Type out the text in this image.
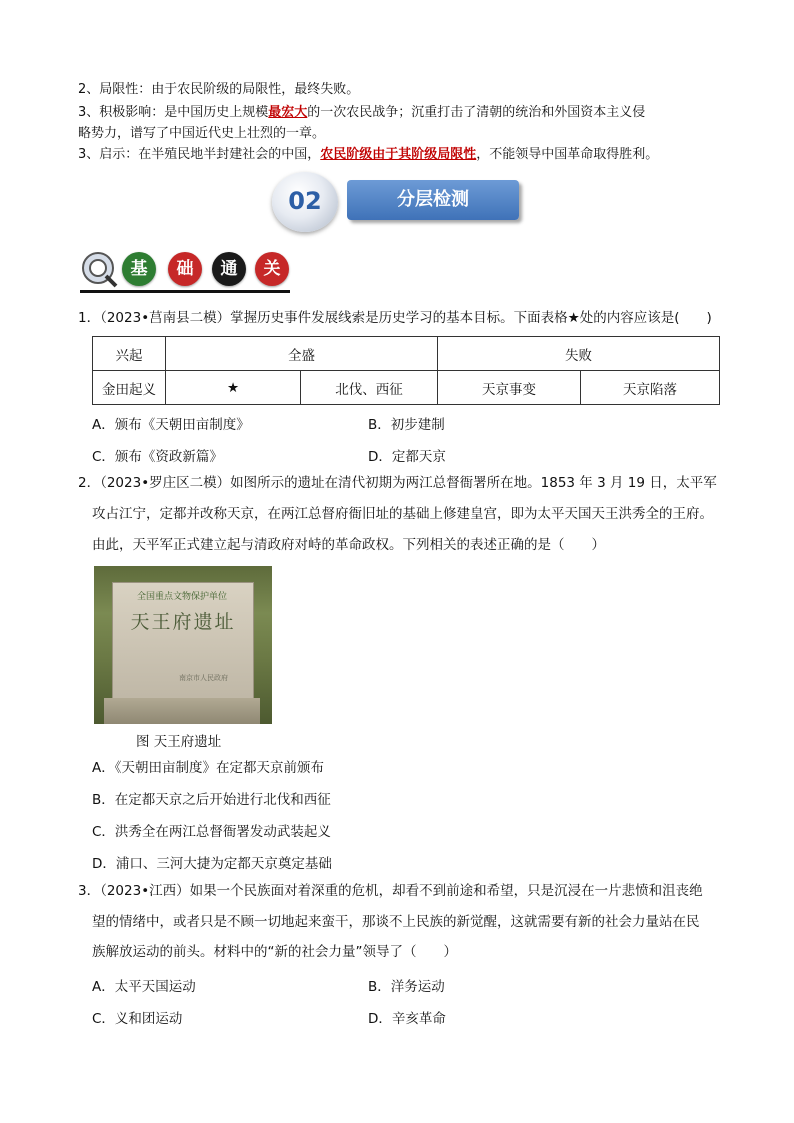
2、局限性：由于农民阶级的局限性，最终失败。
3、积极影响：是中国历史上规模最宏大的一次农民战争；沉重打击了清朝的统治和外国资本主义侵
略势力，谱写了中国近代史上壮烈的一章。
3、启示：在半殖民地半封建社会的中国，农民阶级由于其阶级局限性，不能领导中国革命取得胜利。
02	分层检测
基	础	通	关
1．（2023•莒南县二模）掌握历史事件发展线索是历史学习的基本目标。下面表格★处的内容应该是(　　)
兴起	全盛		失败	
金田起义	★	北伐、西征	天京事变	天京陷落
A．颁布《天朝田亩制度》	B．初步建制
C．颁布《资政新篇》	D．定都天京
2．（2023•罗庄区二模）如图所示的遗址在清代初期为两江总督衙署所在地。1853 年 3 月 19 日，太平军
攻占江宁，定都并改称天京，在两江总督府衙旧址的基础上修建皇宫，即为太平天国天王洪秀全的王府。
由此，天平军正式建立起与清政府对峙的革命政权。下列相关的表述正确的是（　　）
全国重点文物保护单位
天王府遗址
南京市人民政府
图 天王府遗址
A．《天朝田亩制度》在定都天京前颁布
B．在定都天京之后开始进行北伐和西征
C．洪秀全在两江总督衙署发动武装起义
D．浦口、三河大捷为定都天京奠定基础
3．（2023•江西）如果一个民族面对着深重的危机，却看不到前途和希望，只是沉浸在一片悲愤和沮丧绝
望的情绪中，或者只是不顾一切地起来蛮干，那谈不上民族的新觉醒，这就需要有新的社会力量站在民
族解放运动的前头。材料中的“新的社会力量”领导了（　　）
A．太平天国运动	B．洋务运动
C．义和团运动	D．辛亥革命
